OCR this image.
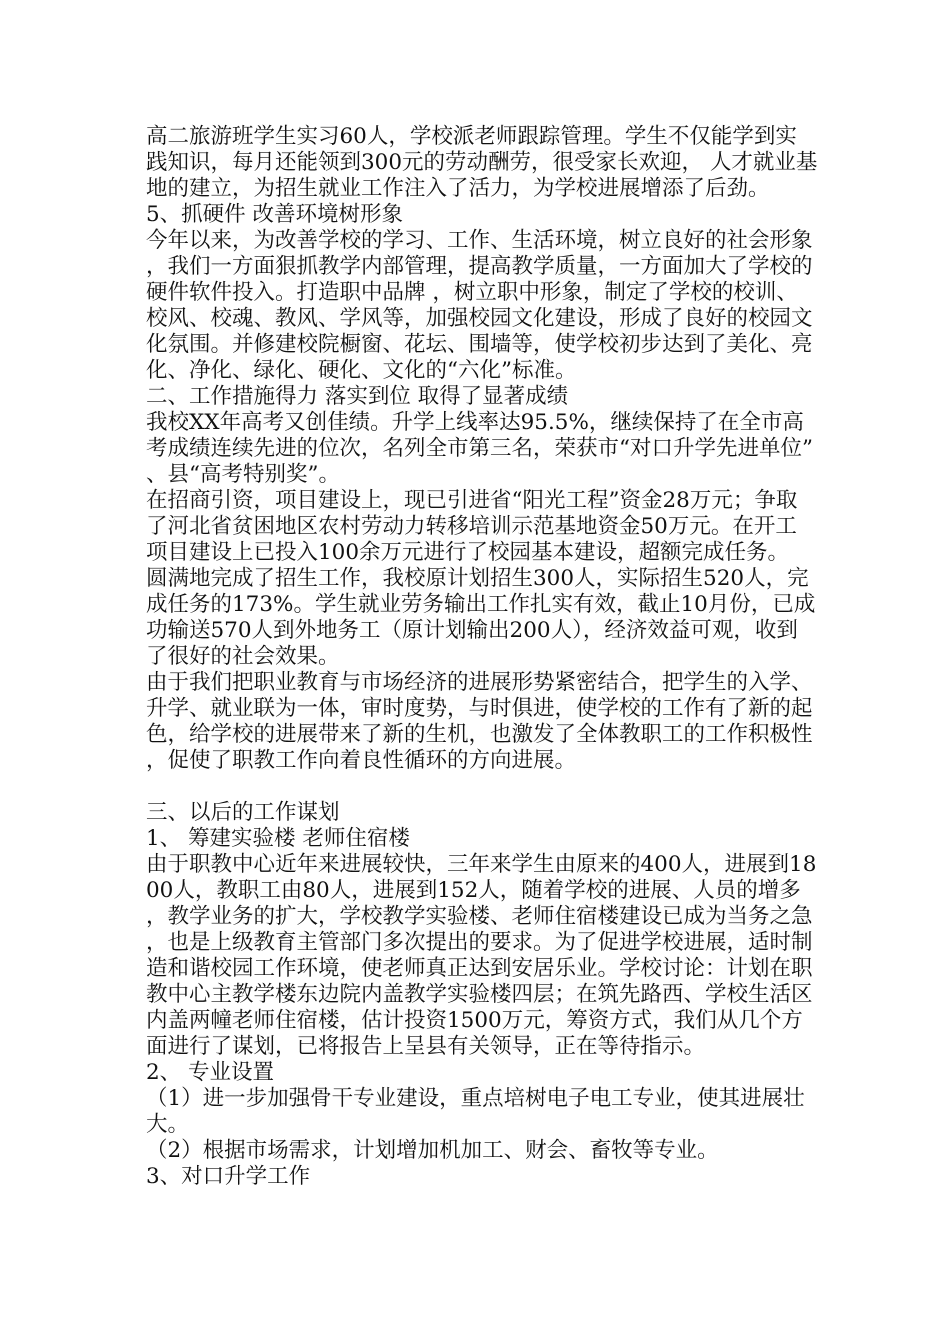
高二旅游班学生实习60人，学校派老师跟踪管理。学生不仅能学到实践知识，每月还能领到300元的劳动酬劳，很受家长欢迎， 人才就业基地的建立，为招生就业工作注入了活力，为学校进展增添了后劲。

5、抓硬件 改善环境树形象

今年以来，为改善学校的学习、工作、生活环境，树立良好的社会形象，我们一方面狠抓教学内部管理，提高教学质量，一方面加大了学校的硬件软件投入。打造职中品牌 ，树立职中形象，制定了学校的校训、校风、校魂、教风、学风等，加强校园文化建设，形成了良好的校园文化氛围。并修建校院橱窗、花坛、围墙等，使学校初步达到了美化、亮化、净化、绿化、硬化、文化的“六化”标准。

二、工作措施得力 落实到位 取得了显著成绩

我校XX年高考又创佳绩。升学上线率达95.5%，继续保持了在全市高考成绩连续先进的位次，名列全市第三名，荣获市“对口升学先进单位”、县“高考特别奖”。

在招商引资，项目建设上，现已引进省“阳光工程”资金28万元；争取了河北省贫困地区农村劳动力转移培训示范基地资金50万元。在开工项目建设上已投入100余万元进行了校园基本建设，超额完成任务。

圆满地完成了招生工作，我校原计划招生300人，实际招生520人，完成任务的173%。学生就业劳务输出工作扎实有效，截止10月份，已成功输送570人到外地务工（原计划输出200人），经济效益可观，收到了很好的社会效果。

由于我们把职业教育与市场经济的进展形势紧密结合，把学生的入学、升学、就业联为一体，审时度势，与时俱进，使学校的工作有了新的起色，给学校的进展带来了新的生机，也激发了全体教职工的工作积极性，促使了职教工作向着良性循环的方向进展。

三、以后的工作谋划

1、 筹建实验楼 老师住宿楼

由于职教中心近年来进展较快，三年来学生由原来的400人，进展到1800人，教职工由80人，进展到152人，随着学校的进展、人员的增多，教学业务的扩大，学校教学实验楼、老师住宿楼建设已成为当务之急，也是上级教育主管部门多次提出的要求。为了促进学校进展，适时制造和谐校园工作环境，使老师真正达到安居乐业。学校讨论：计划在职教中心主教学楼东边院内盖教学实验楼四层；在筑先路西、学校生活区内盖两幢老师住宿楼，估计投资1500万元，筹资方式，我们从几个方面进行了谋划，已将报告上呈县有关领导，正在等待指示。

2、 专业设置

（1）进一步加强骨干专业建设，重点培树电子电工专业，使其进展壮大。

（2）根据市场需求，计划增加机加工、财会、畜牧等专业。

3、对口升学工作
